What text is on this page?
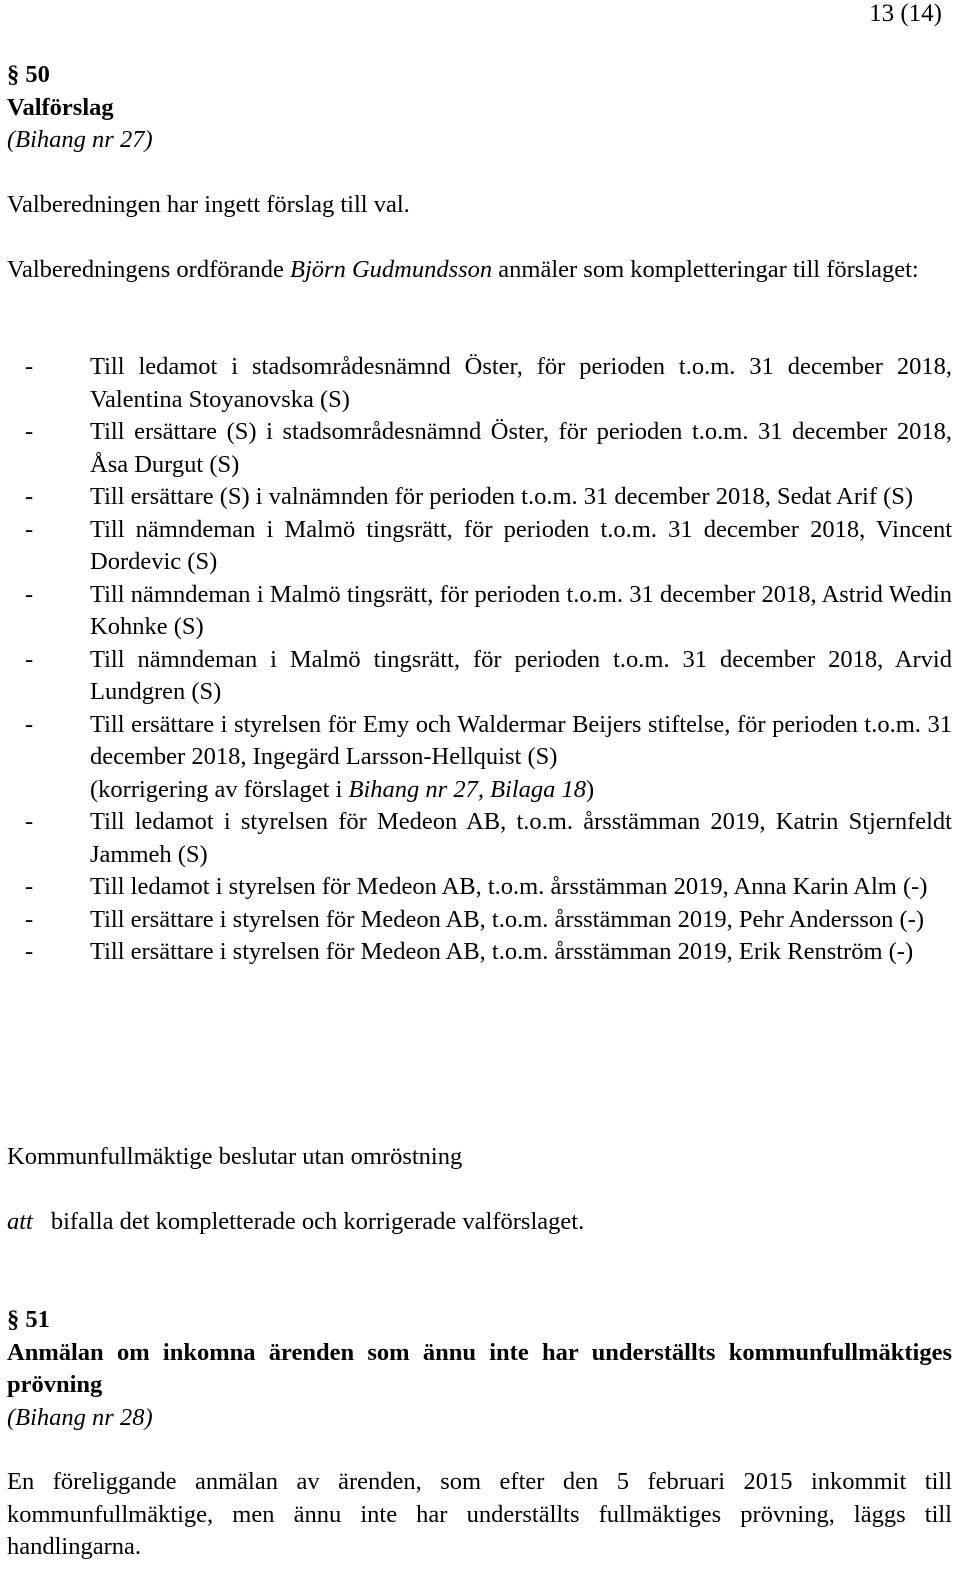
13 (14)
§ 50
Valförslag
(Bihang nr 27)

Valberedningen har ingett förslag till val.

Valberedningens ordförande Björn Gudmundsson anmäler som kompletteringar till förslaget:

- Till ledamot i stadsområdesnämnd Öster, för perioden t.o.m. 31 december 2018, Valentina Stoyanovska (S)
- Till ersättare (S) i stadsområdesnämnd Öster, för perioden t.o.m. 31 december 2018, Åsa Durgut (S)
- Till ersättare (S) i valnämnden för perioden t.o.m. 31 december 2018, Sedat Arif (S)
- Till nämndeman i Malmö tingsrätt, för perioden t.o.m. 31 december 2018, Vincent Dordevic (S)
- Till nämndeman i Malmö tingsrätt, för perioden t.o.m. 31 december 2018, Astrid Wedin Kohnke (S)
- Till nämndeman i Malmö tingsrätt, för perioden t.o.m. 31 december 2018, Arvid Lundgren (S)
- Till ersättare i styrelsen för Emy och Waldermar Beijers stiftelse, för perioden t.o.m. 31 december 2018, Ingegärd Larsson-Hellquist (S)
(korrigering av förslaget i Bihang nr 27, Bilaga 18)
- Till ledamot i styrelsen för Medeon AB, t.o.m. årsstämman 2019, Katrin Stjernfeldt Jammeh (S)
- Till ledamot i styrelsen för Medeon AB, t.o.m. årsstämman 2019, Anna Karin Alm (-)
- Till ersättare i styrelsen för Medeon AB, t.o.m. årsstämman 2019, Pehr Andersson (-)
- Till ersättare i styrelsen för Medeon AB, t.o.m. årsstämman 2019, Erik Renström (-)

Kommunfullmäktige beslutar utan omröstning

att bifalla det kompletterade och korrigerade valförslaget.

§ 51
Anmälan om inkomna ärenden som ännu inte har underställts kommunfullmäktiges prövning
(Bihang nr 28)

En föreliggande anmälan av ärenden, som efter den 5 februari 2015 inkommit till kommunfullmäktige, men ännu inte har underställts fullmäktiges prövning, läggs till handlingarna.
